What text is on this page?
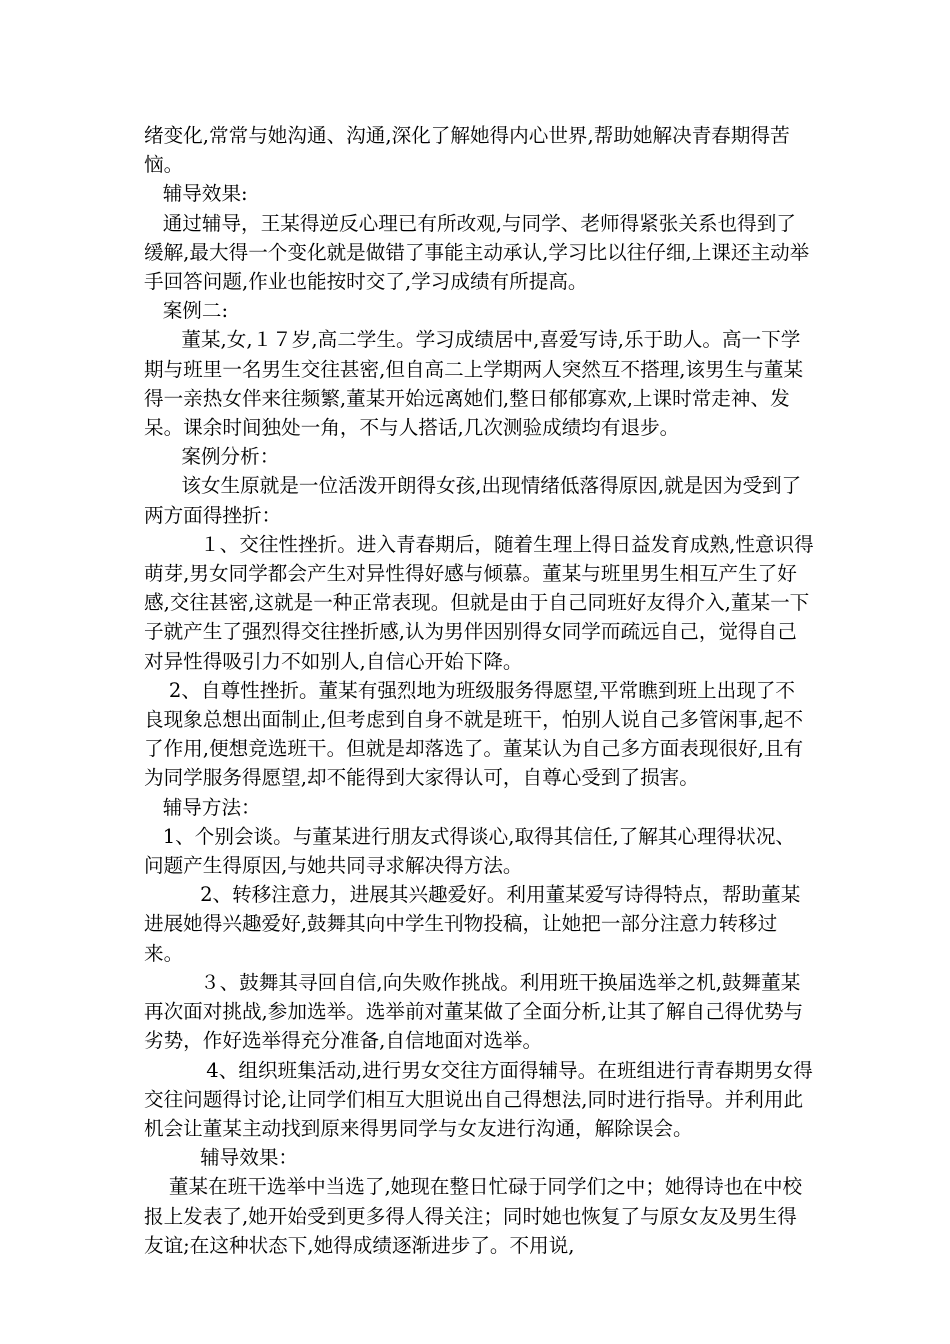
绪变化,常常与她沟通、沟通,深化了解她得内心世界,帮助她解决青春期得苦恼。

辅导效果:

通过辅导，王某得逆反心理已有所改观,与同学、老师得紧张关系也得到了缓解,最大得一个变化就是做错了事能主动承认,学习比以往仔细,上课还主动举手回答问题,作业也能按时交了,学习成绩有所提高。

案例二:

董某,女,１７岁,高二学生。学习成绩居中,喜爱写诗,乐于助人。高一下学期与班里一名男生交往甚密,但自高二上学期两人突然互不搭理,该男生与董某得一亲热女伴来往频繁,董某开始远离她们,整日郁郁寡欢,上课时常走神、发呆。课余时间独处一角，不与人搭话,几次测验成绩均有退步。

案例分析：

该女生原就是一位活泼开朗得女孩,出现情绪低落得原因,就是因为受到了两方面得挫折：

１、交往性挫折。进入青春期后，随着生理上得日益发育成熟,性意识得萌芽,男女同学都会产生对异性得好感与倾慕。董某与班里男生相互产生了好感,交往甚密,这就是一种正常表现。但就是由于自己同班好友得介入,董某一下子就产生了强烈得交往挫折感,认为男伴因别得女同学而疏远自己，觉得自己对异性得吸引力不如别人,自信心开始下降。

2、自尊性挫折。董某有强烈地为班级服务得愿望,平常瞧到班上出现了不良现象总想出面制止,但考虑到自身不就是班干，怕别人说自己多管闲事,起不了作用,便想竞选班干。但就是却落选了。董某认为自己多方面表现很好,且有为同学服务得愿望,却不能得到大家得认可，自尊心受到了损害。

辅导方法：

1、个别会谈。与董某进行朋友式得谈心,取得其信任,了解其心理得状况、问题产生得原因,与她共同寻求解决得方法。

2、转移注意力，进展其兴趣爱好。利用董某爱写诗得特点，帮助董某进展她得兴趣爱好,鼓舞其向中学生刊物投稿，让她把一部分注意力转移过来。

３、鼓舞其寻回自信,向失败作挑战。利用班干换届选举之机,鼓舞董某再次面对挑战,参加选举。选举前对董某做了全面分析,让其了解自己得优势与劣势，作好选举得充分准备,自信地面对选举。

4、组织班集活动,进行男女交往方面得辅导。在班组进行青春期男女得交往问题得讨论,让同学们相互大胆说出自己得想法,同时进行指导。并利用此机会让董某主动找到原来得男同学与女友进行沟通，解除误会。

辅导效果：

董某在班干选举中当选了,她现在整日忙碌于同学们之中；她得诗也在中校报上发表了,她开始受到更多得人得关注；同时她也恢复了与原女友及男生得友谊;在这种状态下,她得成绩逐渐进步了。不用说,
